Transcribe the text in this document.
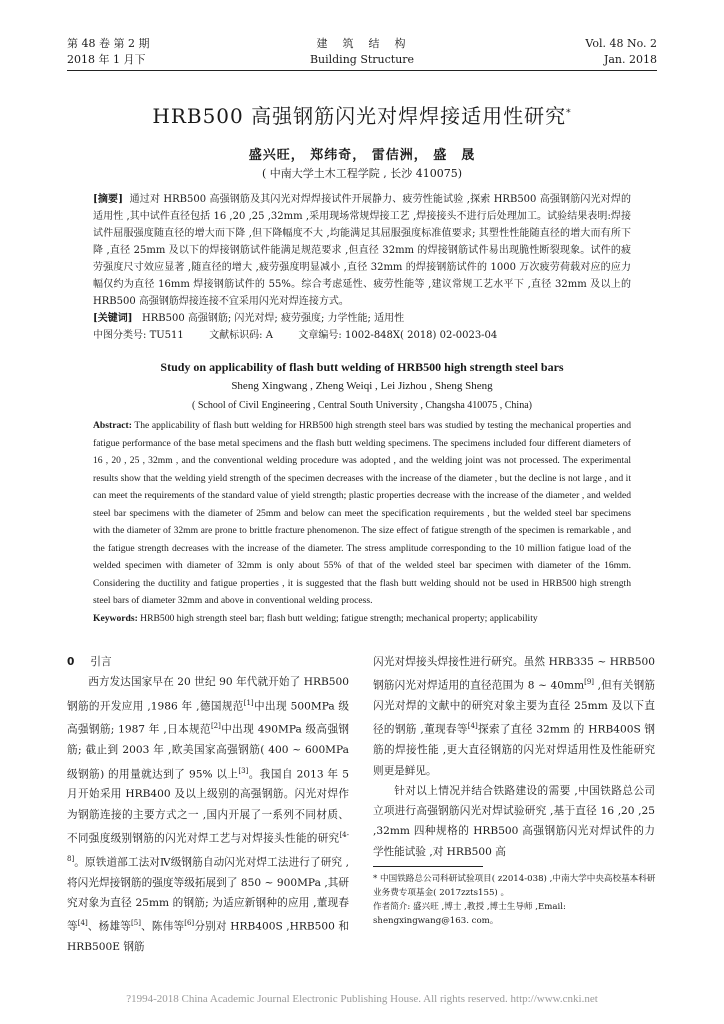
第 48 卷 第 2 期
2018 年 1 月下
建　筑　结　构
Building Structure
Vol. 48 No. 2
Jan. 2018
HRB500 高强钢筋闪光对焊焊接适用性研究*
盛兴旺， 郑纬奇， 雷佶洲， 盛　晟
( 中南大学土木工程学院 , 长沙 410075)

[摘要] 通过对 HRB500 高强钢筋及其闪光对焊焊接试件开展静力、疲劳性能试验 ,探索 HRB500 高强钢筋闪光对焊的适用性 ,其中试件直径包括 16 ,20 ,25 ,32mm ,采用现场常规焊接工艺 ,焊接接头不进行后处理加工。试验结果表明:焊接试件屈服强度随直径的增大而下降 ,但下降幅度不大 ,均能满足其屈服强度标准值要求; 其塑性性能随直径的增大而有所下降 ,直径 25mm 及以下的焊接钢筋试件能满足规范要求 ,但直径 32mm 的焊接钢筋试件易出现脆性断裂现象。试件的疲劳强度尺寸效应显著 ,随直径的增大 ,疲劳强度明显减小 ,直径 32mm 的焊接钢筋试件的 1000 万次疲劳荷载对应的应力幅仅约为直径 16mm 焊接钢筋试件的 55%。综合考虑延性、疲劳性能等 ,建议常规工艺水平下 ,直径 32mm 及以上的 HRB500 高强钢筋焊接连接不宜采用闪光对焊连接方式。

[关键词] HRB500 高强钢筋; 闪光对焊; 疲劳强度; 力学性能; 适用性

中图分类号: TU511	文献标识码: A	文章编号: 1002-848X( 2018) 02-0023-04

Study on applicability of flash butt welding of HRB500 high strength steel bars
Sheng Xingwang , Zheng Weiqi , Lei Jizhou , Sheng Sheng
( School of Civil Engineering , Central South University , Changsha 410075 , China)

Abstract: The applicability of flash butt welding for HRB500 high strength steel bars was studied by testing the mechanical properties and fatigue performance of the base metal specimens and the flash butt welding specimens. The specimens included four different diameters of 16 , 20 , 25 , 32mm , and the conventional welding procedure was adopted , and the welding joint was not processed. The experimental results show that the welding yield strength of the specimen decreases with the increase of the diameter , but the decline is not large , and it can meet the requirements of the standard value of yield strength; plastic properties decrease with the increase of the diameter , and welded steel bar specimens with the diameter of 25mm and below can meet the specification requirements , but the welded steel bar specimens with the diameter of 32mm are prone to brittle fracture phenomenon. The size effect of fatigue strength of the specimen is remarkable , and the fatigue strength decreases with the increase of the diameter. The stress amplitude corresponding to the 10 million fatigue load of the welded specimen with diameter of 32mm is only about 55% of that of the welded steel bar specimen with diameter of the 16mm. Considering the ductility and fatigue properties , it is suggested that the flash butt welding should not be used in HRB500 high strength steel bars of diameter 32mm and above in conventional welding process.

Keywords: HRB500 high strength steel bar; flash butt welding; fatigue strength; mechanical property; applicability

0 引言

西方发达国家早在 20 世纪 90 年代就开始了 HRB500 钢筋的开发应用 ,1986 年 ,德国规范[1]中出现 500MPa 级高强钢筋; 1987 年 ,日本规范[2]中出现 490MPa 级高强钢筋; 截止到 2003 年 ,欧美国家高强钢筋( 400 ~ 600MPa 级钢筋) 的用量就达到了 95% 以上[3]。我国自 2013 年 5 月开始采用 HRB400 及以上级别的高强钢筋。闪光对焊作为钢筋连接的主要方式之一 ,国内开展了一系列不同材质、不同强度级别钢筋的闪光对焊工艺与对焊接头性能的研究[4-8]。原铁道部工法对Ⅳ级钢筋自动闪光对焊工法进行了研究 ,将闪光焊接钢筋的强度等级拓展到了 850 ~ 900MPa ,其研究对象为直径 25mm 的钢筋; 为适应新钢种的应用 ,董现春等[4]、杨雄等[5]、陈伟等[6]分别对 HRB400S ,HRB500 和 HRB500E 钢筋

闪光对焊接头焊接性进行研究。虽然 HRB335 ~ HRB500 钢筋闪光对焊适用的直径范围为 8 ~ 40mm[9] ,但有关钢筋闪光对焊的文献中的研究对象主要为直径 25mm 及以下直径的钢筋 ,董现春等[4]探索了直径 32mm 的 HRB400S 钢筋的焊接性能 ,更大直径钢筋的闪光对焊适用性及性能研究则更是鲜见。

针对以上情况并结合铁路建设的需要 ,中国铁路总公司立项进行高强钢筋闪光对焊试验研究 ,基于直径 16 ,20 ,25 ,32mm 四种规格的 HRB500 高强钢筋闪光对焊试件的力学性能试验 ,对 HRB500 高

* 中国铁路总公司科研试验项目( z2014-038) ,中南大学中央高校基本科研业务费专项基金( 2017zzts155) 。

作者简介: 盛兴旺 ,博士 ,教授 ,博士生导师 ,Email: shengxingwang@163. com。

?1994-2018 China Academic Journal Electronic Publishing House. All rights reserved. http://www.cnki.net
